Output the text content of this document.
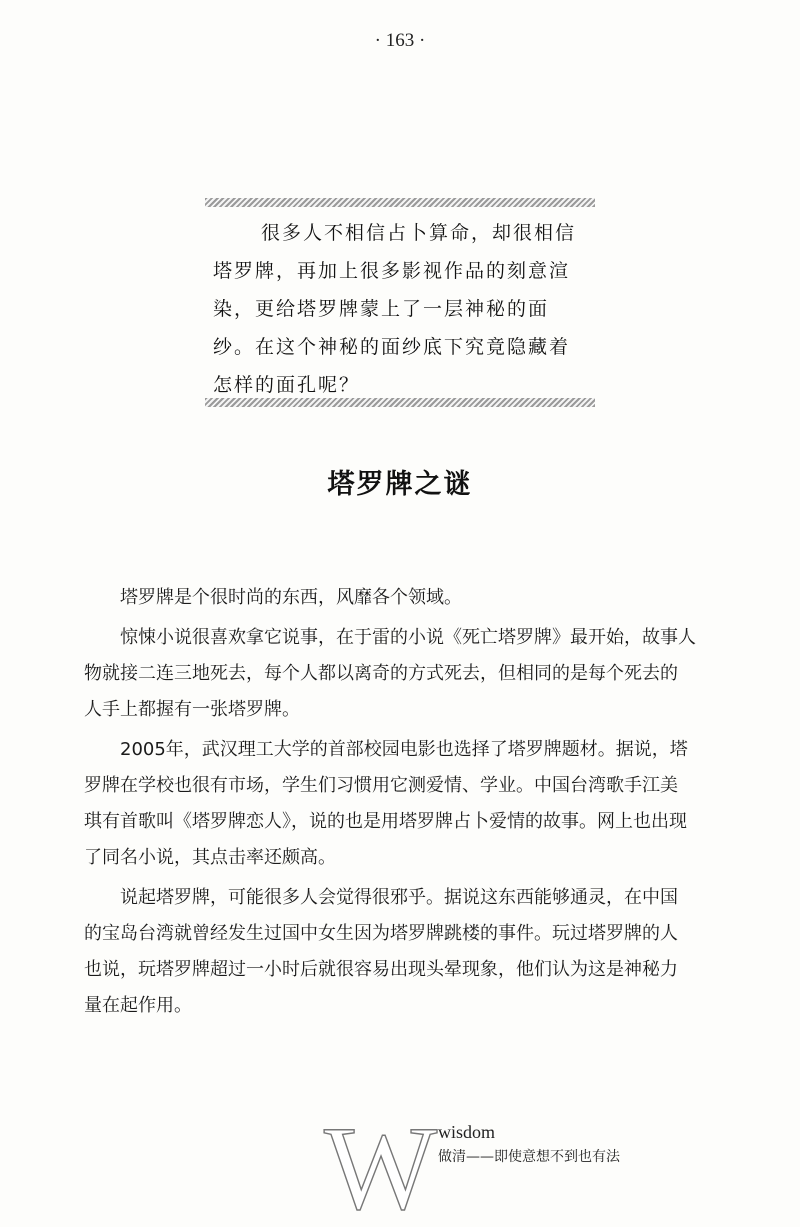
· 163 ·
很多人不相信占卜算命，却很相信
塔罗牌，再加上很多影视作品的刻意渲
染，更给塔罗牌蒙上了一层神秘的面
纱。在这个神秘的面纱底下究竟隐藏着
怎样的面孔呢？
塔罗牌之谜
塔罗牌是个很时尚的东西，风靡各个领域。
惊悚小说很喜欢拿它说事，在于雷的小说《死亡塔罗牌》最开始，故事人
物就接二连三地死去，每个人都以离奇的方式死去，但相同的是每个死去的
人手上都握有一张塔罗牌。
2005年，武汉理工大学的首部校园电影也选择了塔罗牌题材。据说，塔
罗牌在学校也很有市场，学生们习惯用它测爱情、学业。中国台湾歌手江美
琪有首歌叫《塔罗牌恋人》，说的也是用塔罗牌占卜爱情的故事。网上也出现
了同名小说，其点击率还颇高。
说起塔罗牌，可能很多人会觉得很邪乎。据说这东西能够通灵，在中国
的宝岛台湾就曾经发生过国中女生因为塔罗牌跳楼的事件。玩过塔罗牌的人
也说，玩塔罗牌超过一小时后就很容易出现头晕现象，他们认为这是神秘力
量在起作用。
W wisdom
做清——即使意想不到也有法
